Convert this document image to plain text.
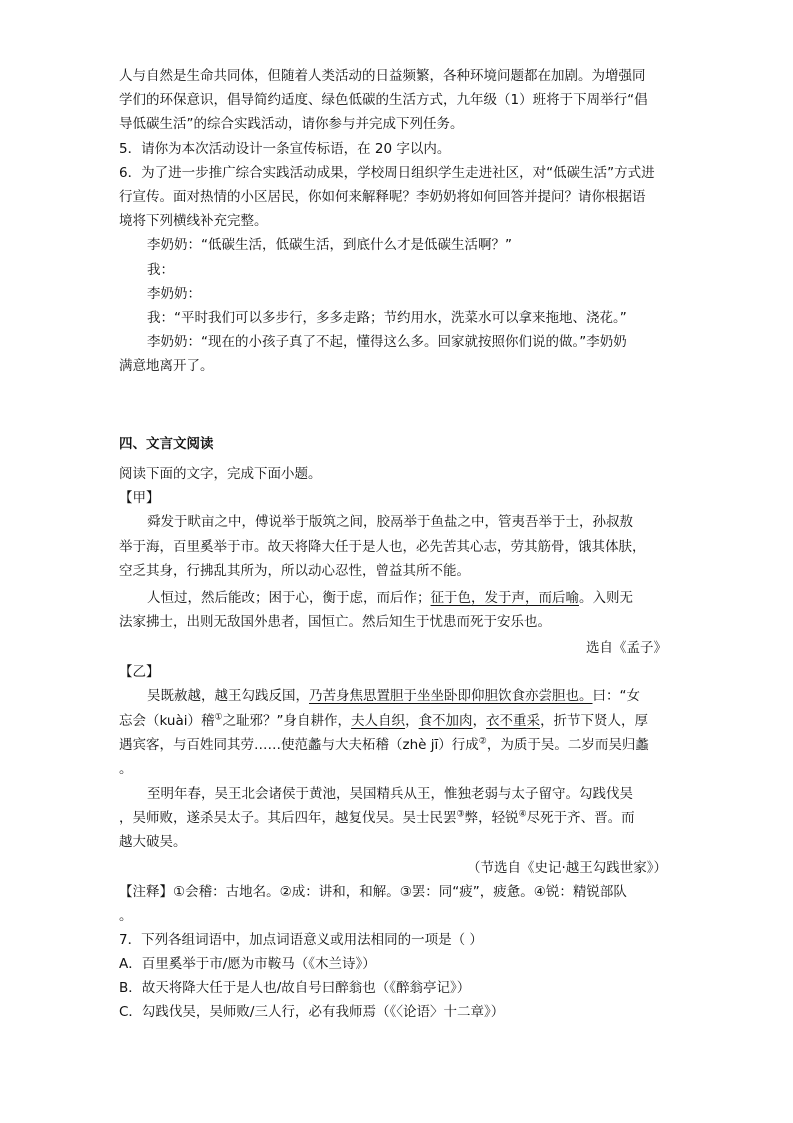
人与自然是生命共同体，但随着人类活动的日益频繁，各种环境问题都在加剧。为增强同
学们的环保意识，倡导简约适度、绿色低碳的生活方式，九年级（1）班将于下周举行“倡
导低碳生活”的综合实践活动，请你参与并完成下列任务。
5．请你为本次活动设计一条宣传标语，在 20 字以内。
6．为了进一步推广综合实践活动成果，学校周日组织学生走进社区，对“低碳生活”方式进
行宣传。面对热情的小区居民，你如何来解释呢？李奶奶将如何回答并提问？请你根据语
境将下列横线补充完整。
李奶奶：“低碳生活，低碳生活，到底什么才是低碳生活啊？”
我：
李奶奶：
我：“平时我们可以多步行，多多走路；节约用水，洗菜水可以拿来拖地、浇花。”
李奶奶：“现在的小孩子真了不起，懂得这么多。回家就按照你们说的做。”李奶奶
满意地离开了。
四、文言文阅读
阅读下面的文字，完成下面小题。
【甲】
舜发于畎亩之中，傅说举于版筑之间，胶鬲举于鱼盐之中，管夷吾举于士，孙叔敖
举于海，百里奚举于市。故天将降大任于是人也，必先苦其心志，劳其筋骨，饿其体肤，
空乏其身，行拂乱其所为，所以动心忍性，曾益其所不能。
人恒过，然后能改；困于心，衡于虑，而后作；征于色，发于声，而后喻。入则无
法家拂士，出则无敌国外患者，国恒亡。然后知生于忧患而死于安乐也。
选自《孟子》
【乙】
吴既赦越，越王勾践反国，乃苦身焦思置胆于坐坐卧即仰胆饮食亦尝胆也。曰：“女
忘会（kuài）稽①之耻邪？”身自耕作，夫人自织，食不加肉，衣不重采，折节下贤人，厚
遇宾客，与百姓同其劳……使范蠡与大夫柘稽（zhè jī）行成②，为质于吴。二岁而吴归蠡
。
至明年春，吴王北会诸侯于黄池，吴国精兵从王，惟独老弱与太子留守。勾践伐吴
，吴师败，遂杀吴太子。其后四年，越复伐吴。吴士民罢③弊，轻锐④尽死于齐、晋。而
越大破吴。
（节选自《史记·越王勾践世家》）
【注释】①会稽：古地名。②成：讲和，和解。③罢：同“疲”，疲惫。④锐：精锐部队
。
7．下列各组词语中，加点词语意义或用法相同的一项是（ ）
A．百里奚举于市/愿为市鞍马（《木兰诗》）
B．故天将降大任于是人也/故自号曰醉翁也（《醉翁亭记》）
C．勾践伐吴，吴师败/三人行，必有我师焉（《〈论语〉十二章》）
